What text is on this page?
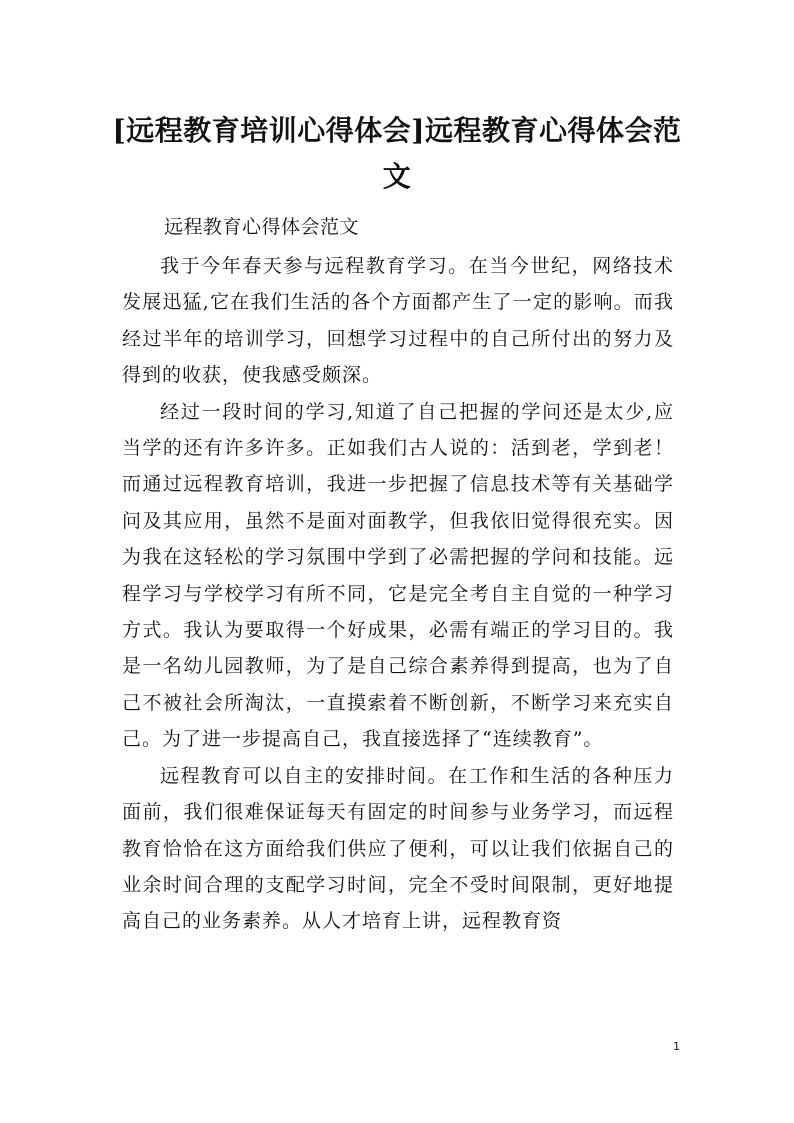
[远程教育培训心得体会]远程教育心得体会范文

远程教育心得体会范文

我于今年春天参与远程教育学习。在当今世纪，网络技术发展迅猛,它在我们生活的各个方面都产生了一定的影响。而我经过半年的培训学习，回想学习过程中的自己所付出的努力及得到的收获，使我感受颇深。

经过一段时间的学习,知道了自己把握的学问还是太少,应当学的还有许多许多。正如我们古人说的：活到老，学到老！而通过远程教育培训，我进一步把握了信息技术等有关基础学问及其应用，虽然不是面对面教学，但我依旧觉得很充实。因为我在这轻松的学习氛围中学到了必需把握的学问和技能。远程学习与学校学习有所不同，它是完全考自主自觉的一种学习方式。我认为要取得一个好成果，必需有端正的学习目的。我是一名幼儿园教师，为了是自己综合素养得到提高，也为了自己不被社会所淘汰，一直摸索着不断创新，不断学习来充实自己。为了进一步提高自己，我直接选择了“连续教育”。

远程教育可以自主的安排时间。在工作和生活的各种压力面前，我们很难保证每天有固定的时间参与业务学习，而远程教育恰恰在这方面给我们供应了便利，可以让我们依据自己的业余时间合理的支配学习时间，完全不受时间限制，更好地提高自己的业务素养。从人才培育上讲，远程教育资

1
